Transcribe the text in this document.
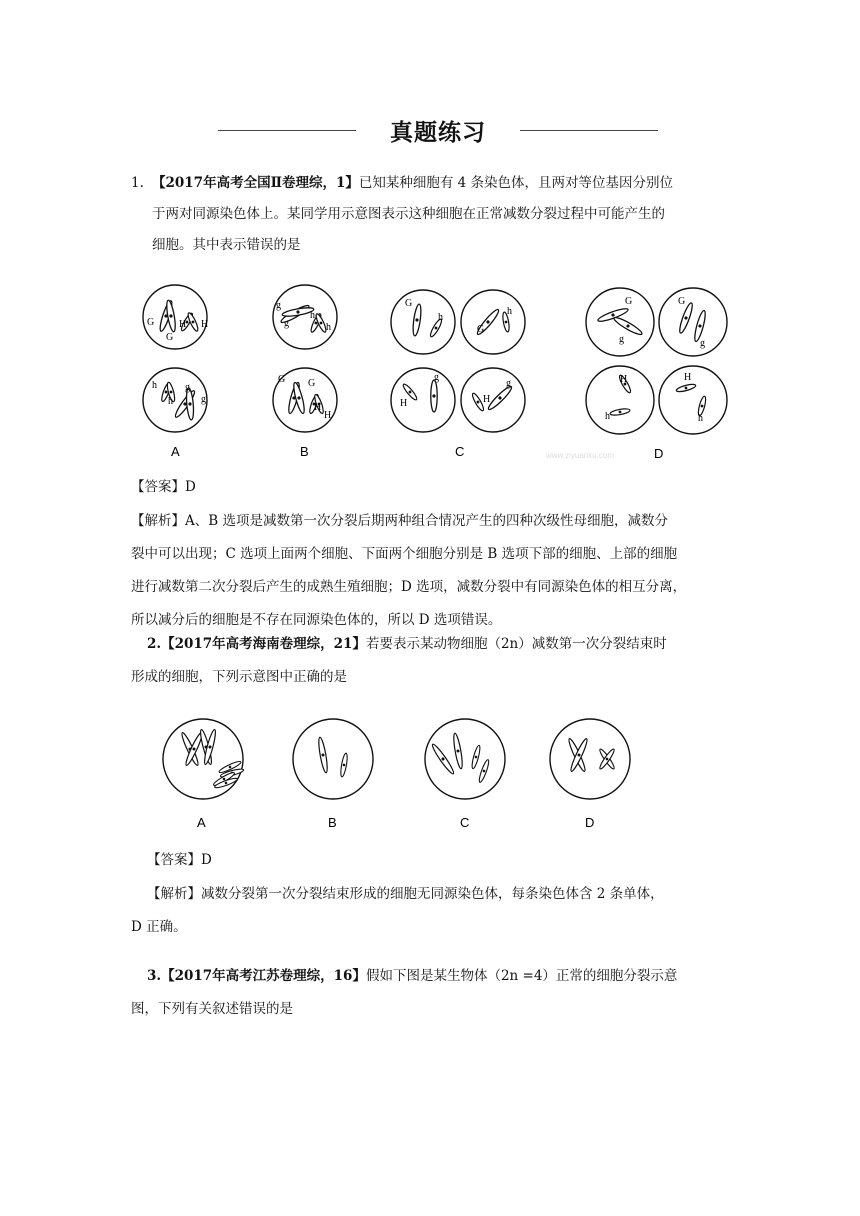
真题练习
1. 【2017年高考全国Ⅱ卷理综，1】已知某种细胞有 4 条染色体，且两对等位基因分别位
于两对同源染色体上。某同学用示意图表示这种细胞在正常减数分裂过程中可能产生的
细胞。其中表示错误的是
G
G
H H
h
h
g
g
A
g
g
h
h
G G
H
H
B
G
h
G
h
H
g
H
g
C
G
g
G
g
H
h
H
h
D
www.ziyuanku.com
【答案】D
【解析】A、B 选项是减数第一次分裂后期两种组合情况产生的四种次级性母细胞，减数分
裂中可以出现；C 选项上面两个细胞、下面两个细胞分别是 B 选项下部的细胞、上部的细胞
进行减数第二次分裂后产生的成熟生殖细胞；D 选项，减数分裂中有同源染色体的相互分离，
所以减分后的细胞是不存在同源染色体的，所以 D 选项错误。
2.【2017年高考海南卷理综，21】若要表示某动物细胞（2n）减数第一次分裂结束时
形成的细胞，下列示意图中正确的是
A	B	C	D
【答案】D
【解析】减数分裂第一次分裂结束形成的细胞无同源染色体，每条染色体含 2 条单体，
D 正确。
3.【2017年高考江苏卷理综，16】假如下图是某生物体（2n =4）正常的细胞分裂示意
图，下列有关叙述错误的是
